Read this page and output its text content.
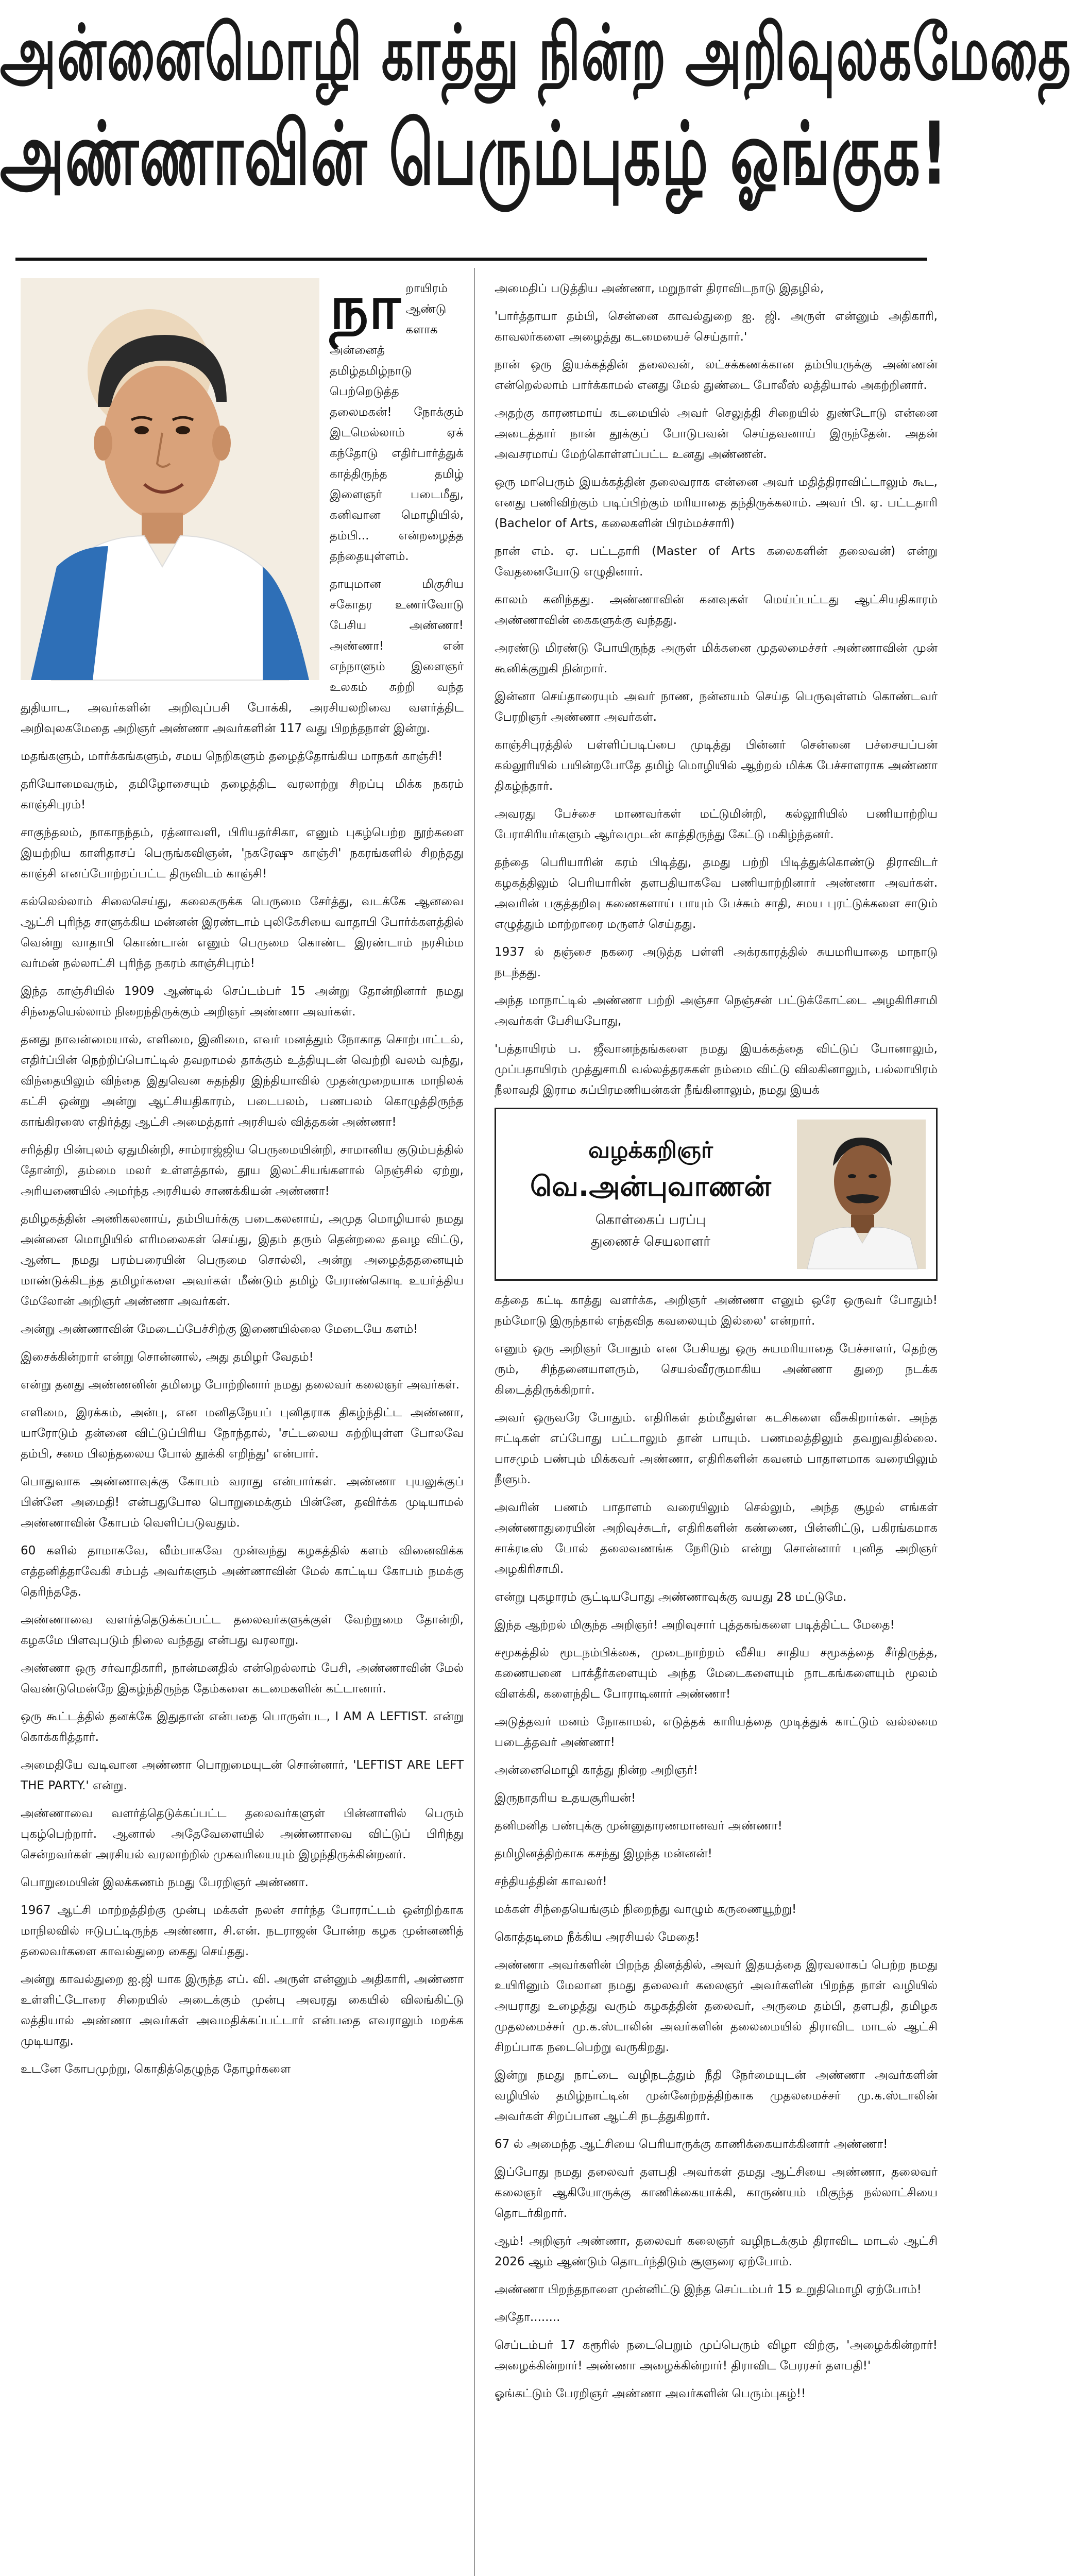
அன்னைமொழி காத்து நின்ற அறிவுலகமேதை
அண்ணாவின் பெரும்புகழ் ஓங்குக!
நா றாயிரம் ஆண்டு களாக அன்னைத் தமிழ்தமிழ்நாடு பெற்றெடுத்த தலைமகன்! நோக்கும் இடமெல்லாம் ஏக் கந்தோடு எதிர்பார்த்துக் காத்திருந்த தமிழ் இளைஞர் படைமீது, கனிவான மொழியில், தம்பி... என்றழைத்த தந்தையுள்ளம்.

தாயுமான மிகுசிய சகோதர உணர்வோடு பேசிய அண்ணா! அண்ணா! என் எந்நாளும் இளைஞர் உலகம் சுற்றி வந்த துதியாட, அவர்களின் அறிவுப்பசி போக்கி, அரசியலறிவை வளர்த்திட அறிவுலகமேதை அறிஞர் அண்ணா அவர்களின் 117 வது பிறந்தநாள் இன்று.

மதங்களும், மார்க்கங்களும், சமய நெறிகளும் தழைத்தோங்கிய மாநகர் காஞ்சி!

தரியோமைவரும், தமிழோசையும் தழைத்திட வரலாற்று சிறப்பு மிக்க நகரம் காஞ்சிபுரம்!

சாகுந்தலம், நாகாநந்தம், ரத்னாவளி, பிரியதர்சிகா, எனும் புகழ்பெற்ற நூற்களை இயற்றிய காளிதாசப் பெருங்கவிஞன், 'நகரேஷு காஞ்சி' நகரங்களில் சிறந்தது காஞ்சி எனப்போற்றப்பட்ட திருவிடம் காஞ்சி!

கல்லெல்லாம் சிலைசெய்து, கலைகருக்க பெருமை சேர்த்து, வடக்கே ஆனவை ஆட்சி புரிந்த சாளுக்கிய மன்னன் இரண்டாம் புலிகேசியை வாதாபி போர்க்களத்தில் வென்று வாதாபி கொண்டான் எனும் பெருமை கொண்ட இரண்டாம் நரசிம்ம வர்மன் நல்லாட்சி புரிந்த நகரம் காஞ்சிபுரம்!

இந்த காஞ்சியில் 1909 ஆண்டில் செப்டம்பர் 15 அன்று தோன்றினார் நமது சிந்தையெல்லாம் நிறைந்திருக்கும் அறிஞர் அண்ணா அவர்கள்.

தனது நாவன்மையால், எளிமை, இனிமை, எவர் மனத்தும் நோகாத சொற்பாட்டல், எதிர்ப்பின் நெற்றிப்பொட்டில் தவறாமல் தாக்கும் உத்தியுடன் வெற்றி வலம் வந்து, விந்தையிலும் விந்தை இதுவென சுதந்திர இந்தியாவில் முதன்முறையாக மாநிலக் கட்சி ஒன்று அன்று ஆட்சியதிகாரம், படைபலம், பணபலம் கொழுத்திருந்த காங்கிரஸை எதிர்த்து ஆட்சி அமைத்தார் அரசியல் வித்தகன் அண்ணா!

சரித்திர பின்புலம் ஏதுமின்றி, சாம்ராஜ்ஜிய பெருமையின்றி, சாமானிய குடும்பத்தில் தோன்றி, தம்மை மலர் உள்ளத்தால், தூய இலட்சியங்களால் நெஞ்சில் ஏற்று, அரியணையில் அமர்ந்த அரசியல் சாணக்கியன் அண்ணா!

தமிழகத்தின் அணிகலனாய், தம்பியர்க்கு படைகலனாய், அமுத மொழியால் நமது அன்னை மொழியில் எரிமலைகள் செய்து, இதம் தரும் தென்றலை தவழ விட்டு, ஆண்ட நமது பரம்பரையின் பெருமை சொல்லி, அன்று அழைத்ததனையும் மாண்டுக்கிடந்த தமிழர்களை அவர்கள் மீண்டும் தமிழ் பேராண்கொடி உயர்த்திய மேலோன் அறிஞர் அண்ணா அவர்கள்.

அன்று அண்ணாவின் மேடைப்பேச்சிற்கு இணையில்லை மேடையே களம்!

இசைக்கின்றார் என்று சொன்னால், அது தமிழர் வேதம்!

என்று தனது அண்ணனின் தமிழை போற்றினார் நமது தலைவர் கலைஞர் அவர்கள்.

எளிமை, இரக்கம், அன்பு, என மனிதநேயப் புனிதராக திகழ்ந்திட்ட அண்ணா, யாரோடும் தன்னை விட்டுப்பிரிய நோந்தால், 'சட்டலைய சுற்றியுள்ள போலவே தம்பி, சமை பிலந்தலைய போல் தூக்கி எறிந்து' என்பார்.

பொதுவாக அண்ணாவுக்கு கோபம் வராது என்பார்கள். அண்ணா புயலுக்குப் பின்னே அமைதி! என்பதுபோல பொறுமைக்கும் பின்னே, தவிர்க்க முடியாமல் அண்ணாவின் கோபம் வெளிப்படுவதும்.

60 களில் தாமாகவே, வீம்பாகவே முன்வந்து கழகத்தில் களம் வினைவிக்க எத்தனித்தாவேகி சம்பத் அவர்களும் அண்ணாவின் மேல் காட்டிய கோபம் நமக்கு தெரிந்ததே.

அண்ணாவை வளர்த்தெடுக்கப்பட்ட தலைவர்களுக்குள் வேற்றுமை தோன்றி, கழகமே பிளவுபடும் நிலை வந்தது என்பது வரலாறு.

அண்ணா ஒரு சர்வாதிகாரி, நான்மனதில் என்றெல்லாம் பேசி, அண்ணாவின் மேல் வெண்டுமென்றே இகழ்ந்திருந்த தேம்களை கடமைகளின் கட்டானார்.

ஒரு கூட்டத்தில் தனக்கே இதுதான் என்பதை பொருள்பட, I AM A LEFTIST. என்று கொக்கரித்தார்.

அமைதியே வடிவான அண்ணா பொறுமையுடன் சொன்னார், 'LEFTIST ARE LEFT THE PARTY.' என்று.

அண்ணாவை வளர்த்தெடுக்கப்பட்ட தலைவர்களுள் பின்னாளில் பெரும் புகழ்பெற்றார். ஆனால் அதேவேளையில் அண்ணாவை விட்டுப் பிரிந்து சென்றவர்கள் அரசியல் வரலாற்றில் முகவரியையும் இழந்திருக்கின்றனர்.

பொறுமையின் இலக்கணம் நமது பேரறிஞர் அண்ணா.

1967 ஆட்சி மாற்றத்திற்கு முன்பு மக்கள் நலன் சார்ந்த போராட்டம் ஒன்றிற்காக மாநிலவில் ஈடுபட்டிருந்த அண்ணா, சி.என். நடராஜன் போன்ற கழக முன்னணித் தலைவர்களை காவல்துறை கைது செய்தது.

அன்று காவல்துறை ஐ.ஜி யாக இருந்த எப். வி. அருள் என்னும் அதிகாரி, அண்ணா உள்ளிட்டோரை சிறையில் அடைக்கும் முன்பு அவரது கையில் விலங்கிட்டு லத்தியால் அண்ணா அவர்கள் அவமதிக்கப்பட்டார் என்பதை எவராலும் மறக்க முடியாது.

உடனே கோபமுற்று, கொதித்தெழுந்த தோழர்களை

அமைதிப் படுத்திய அண்ணா, மறுநாள் திராவிடநாடு இதழில்,

'பார்த்தாயா தம்பி, சென்னை காவல்துறை ஐ. ஜி. அருள் என்னும் அதிகாரி, காவலர்களை அழைத்து கடமையைச் செய்தார்.'

நான் ஒரு இயக்கத்தின் தலைவன், லட்சக்கணக்கான தம்பியருக்கு அண்ணன் என்றெல்லாம் பார்க்காமல் எனது மேல் துண்டை போலீஸ் லத்தியால் அகற்றினார்.

அதற்கு காரணமாய் கடமையில் அவர் செலுத்தி சிறையில் துண்டோடு என்னை அடைத்தார் நான் தூக்குப் போடுபவன் செய்தவனாய் இருந்தேன். அதன் அவசரமாய் மேற்கொள்ளப்பட்ட உனது அண்ணன்.

ஒரு மாபெரும் இயக்கத்தின் தலைவராக என்னை அவர் மதித்திராவிட்டாலும் கூட, எனது பணிவிற்கும் படிப்பிற்கும் மரியாதை தந்திருக்கலாம். அவர் பி. ஏ. பட்டதாரி (Bachelor of Arts, கலைகளின் பிரம்மச்சாரி)

நான் எம். ஏ. பட்டதாரி (Master of Arts கலைகளின் தலைவன்) என்று வேதனையோடு எழுதினார்.

காலம் கனிந்தது. அண்ணாவின் கனவுகள் மெய்ப்பட்டது ஆட்சியதிகாரம் அண்ணாவின் கைகளுக்கு வந்தது.

அரண்டு மிரண்டு போயிருந்த அருள் மிக்கனை முதலமைச்சர் அண்ணாவின் முன் கூனிக்குறுகி நின்றார்.

இன்னா செய்தாரையும் அவர் நாண, நன்னயம் செய்த பெருவுள்ளம் கொண்டவர் பேரறிஞர் அண்ணா அவர்கள்.

காஞ்சிபுரத்தில் பள்ளிப்படிப்பை முடித்து பின்னர் சென்னை பச்சையப்பன் கல்லூரியில் பயின்றபோதே தமிழ் மொழியில் ஆற்றல் மிக்க பேச்சாளராக அண்ணா திகழ்ந்தார்.

அவரது பேச்சை மாணவர்கள் மட்டுமின்றி, கல்லூரியில் பணியாற்றிய பேராசிரியர்களும் ஆர்வமுடன் காத்திருந்து கேட்டு மகிழ்ந்தனர்.

தந்தை பெரியாரின் கரம் பிடித்து, தமது பற்றி பிடித்துக்கொண்டு திராவிடர் கழகத்திலும் பெரியாரின் தளபதியாகவே பணியாற்றினார் அண்ணா அவர்கள். அவரின் பகுத்தறிவு கணைகளாய் பாயும் பேச்சும் சாதி, சமய புரட்டுக்களை சாடும் எழுத்தும் மாற்றாரை மருளச் செய்தது.

1937 ல் தஞ்சை நகரை அடுத்த பள்ளி அக்ரகாரத்தில் சுயமரியாதை மாநாடு நடந்தது.

அந்த மாநாட்டில் அண்ணா பற்றி அஞ்சா நெஞ்சன் பட்டுக்கோட்டை அழகிரிசாமி அவர்கள் பேசியபோது,

'பத்தாயிரம் ப. ஜீவானந்தங்களை நமது இயக்கத்தை விட்டுப் போனாலும், முப்பதாயிரம் முத்துசாமி வல்லத்தரசுகள் நம்மை விட்டு விலகினாலும், பல்லாயிரம் நீலாவதி இராம சுப்பிரமணியன்கள் நீங்கினாலும், நமது இயக்

வழக்கறிஞர்
வெ.அன்புவாணன்
கொள்கைப் பரப்பு
துணைச் செயலாளர்

கத்தை கட்டி காத்து வளர்க்க, அறிஞர் அண்ணா எனும் ஒரே ஒருவர் போதும்! நம்மோடு இருந்தால் எந்தவித கவலையும் இல்லை' என்றார்.

எனும் ஒரு அறிஞர் போதும் என பேசியது ஒரு சுயமரியாதை பேச்சாளர், தெற்கு ரும், சிந்தனையாளரும், செயல்வீரருமாகிய அண்ணா துறை நடக்க கிடைத்திருக்கிறார்.

அவர் ஒருவரே போதும். எதிரிகள் தம்மீதுள்ள கடசிகளை வீசுகிறார்கள். அந்த ஈட்டிகள் எப்போது பட்டாலும் தான் பாயும். பணமலத்திலும் தவறுவதில்லை. பாசமும் பண்பும் மிக்கவர் அண்ணா, எதிரிகளின் கவனம் பாதாளமாக வரையிலும் நீளும்.

அவரின் பணம் பாதாளம் வரையிலும் செல்லும், அந்த சூழல் எங்கள் அண்ணாதுரையின் அறிவுச்சுடர், எதிரிகளின் கண்ணை, பின்னிட்டு, பகிரங்கமாக சாக்ரடீஸ் போல் தலைவணங்க நேரிடும் என்று சொன்னார் புனித அறிஞர் அழகிரிசாமி.

என்று புகழாரம் சூட்டியபோது அண்ணாவுக்கு வயது 28 மட்டுமே.

இந்த ஆற்றல் மிகுந்த அறிஞர்! அறிவுசார் புத்தகங்களை படித்திட்ட மேதை!

சமூகத்தில் மூடநம்பிக்கை, முடைநாற்றம் வீசிய சாதிய சமூகத்தை சீர்திருத்த, கணையனை பாக்தீர்களையும் அந்த மேடைகளையும் நாடகங்களையும் மூலம் விளக்கி, களைந்திட போராடினார் அண்ணா!

அடுத்தவர் மனம் நோகாமல், எடுத்தக் காரியத்தை முடித்துக் காட்டும் வல்லமை படைத்தவர் அண்ணா!

அன்னைமொழி காத்து நின்ற அறிஞர்!

இருநாதரிய உதயசூரியன்!

தனிமனித பண்புக்கு முன்னுதாரணமானவர் அண்ணா!

தமிழினத்திற்காக கசந்து இழந்த மன்னன்!

சந்தியத்தின் காவலர்!

மக்கள் சிந்தையெங்கும் நிறைந்து வாழும் கருணையூற்று!

கொத்தடிமை நீக்கிய அரசியல் மேதை!

அண்ணா அவர்களின் பிறந்த தினத்தில், அவர் இதயத்தை இரவலாகப் பெற்ற நமது உயிரினும் மேலான நமது தலைவர் கலைஞர் அவர்களின் பிறந்த நாள் வழியில் அயராது உழைத்து வரும் கழகத்தின் தலைவர், அருமை தம்பி, தளபதி, தமிழக முதலமைச்சர் மு.க.ஸ்டாலின் அவர்களின் தலைமையில் திராவிட மாடல் ஆட்சி சிறப்பாக நடைபெற்று வருகிறது.

இன்று நமது நாட்டை வழிநடத்தும் நீதி நேர்மையுடன் அண்ணா அவர்களின் வழியில் தமிழ்நாட்டின் முன்னேற்றத்திற்காக முதலமைச்சர் மு.க.ஸ்டாலின் அவர்கள் சிறப்பான ஆட்சி நடத்துகிறார்.

67 ல் அமைந்த ஆட்சியை பெரியாருக்கு காணிக்கையாக்கினார் அண்ணா!

இப்போது நமது தலைவர் தளபதி அவர்கள் தமது ஆட்சியை அண்ணா, தலைவர் கலைஞர் ஆகியோருக்கு காணிக்கையாக்கி, காருண்யம் மிகுந்த நல்லாட்சியை தொடர்கிறார்.

ஆம்! அறிஞர் அண்ணா, தலைவர் கலைஞர் வழிநடக்கும் திராவிட மாடல் ஆட்சி 2026 ஆம் ஆண்டும் தொடர்ந்திடும் சூளுரை ஏற்போம்.

அண்ணா பிறந்தநாளை முன்னிட்டு இந்த செப்டம்பர் 15 உறுதிமொழி ஏற்போம்!

அதோ........

செப்டம்பர் 17 கரூரில் நடைபெறும் முப்பெரும் விழா விற்கு, 'அழைக்கின்றார்! அழைக்கின்றார்! அண்ணா அழைக்கின்றார்! திராவிட பேரரசர் தளபதி!'

ஓங்கட்டும் பேரறிஞர் அண்ணா அவர்களின் பெரும்புகழ்!!
